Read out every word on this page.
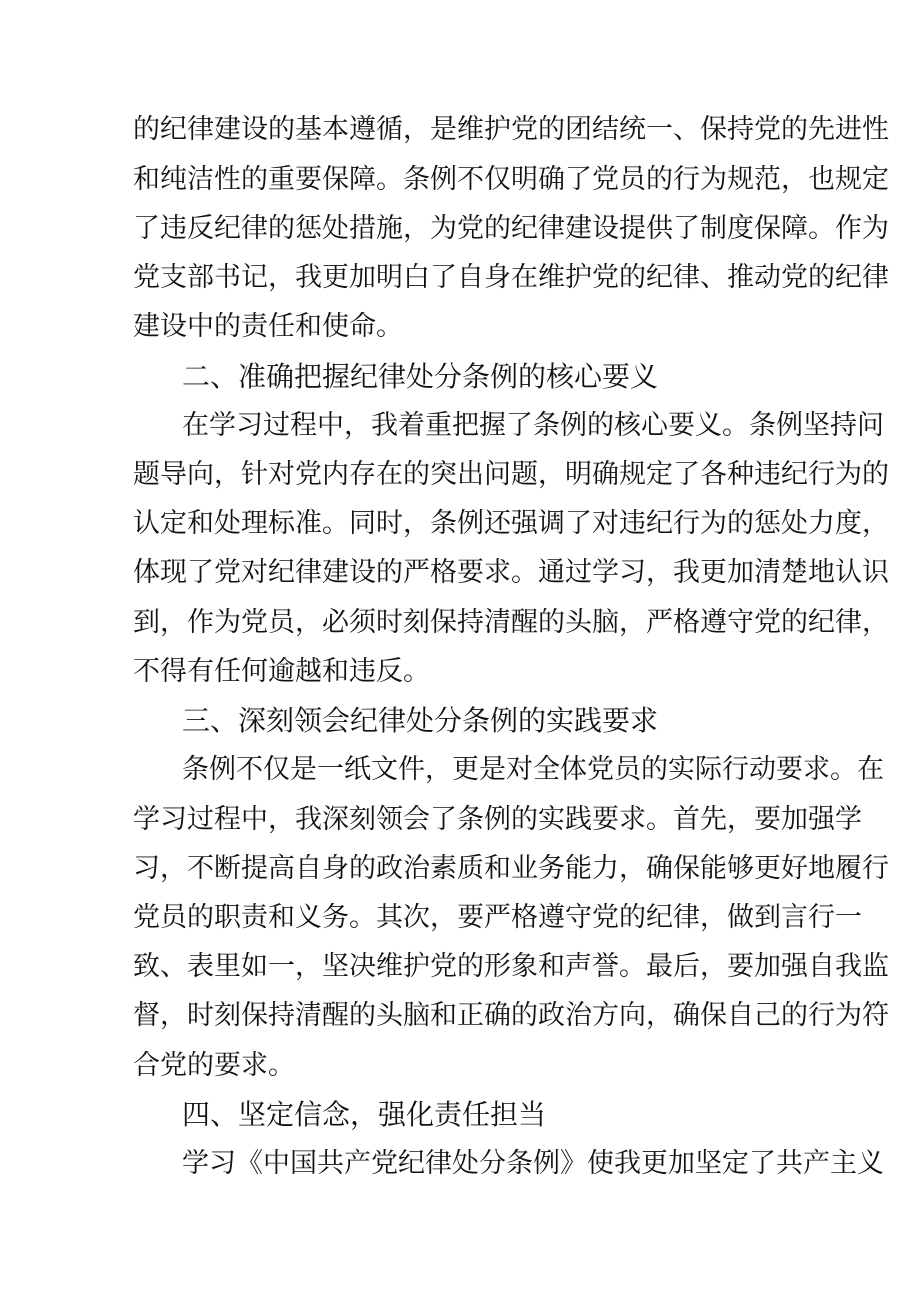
的纪律建设的基本遵循，是维护党的团结统一、保持党的先进性
和纯洁性的重要保障。条例不仅明确了党员的行为规范，也规定
了违反纪律的惩处措施，为党的纪律建设提供了制度保障。作为
党支部书记，我更加明白了自身在维护党的纪律、推动党的纪律
建设中的责任和使命。
二、准确把握纪律处分条例的核心要义
在学习过程中，我着重把握了条例的核心要义。条例坚持问
题导向，针对党内存在的突出问题，明确规定了各种违纪行为的
认定和处理标准。同时，条例还强调了对违纪行为的惩处力度，
体现了党对纪律建设的严格要求。通过学习，我更加清楚地认识
到，作为党员，必须时刻保持清醒的头脑，严格遵守党的纪律，
不得有任何逾越和违反。
三、深刻领会纪律处分条例的实践要求
条例不仅是一纸文件，更是对全体党员的实际行动要求。在
学习过程中，我深刻领会了条例的实践要求。首先，要加强学
习，不断提高自身的政治素质和业务能力，确保能够更好地履行
党员的职责和义务。其次，要严格遵守党的纪律，做到言行一
致、表里如一，坚决维护党的形象和声誉。最后，要加强自我监
督，时刻保持清醒的头脑和正确的政治方向，确保自己的行为符
合党的要求。
四、坚定信念，强化责任担当
学习《中国共产党纪律处分条例》使我更加坚定了共产主义
